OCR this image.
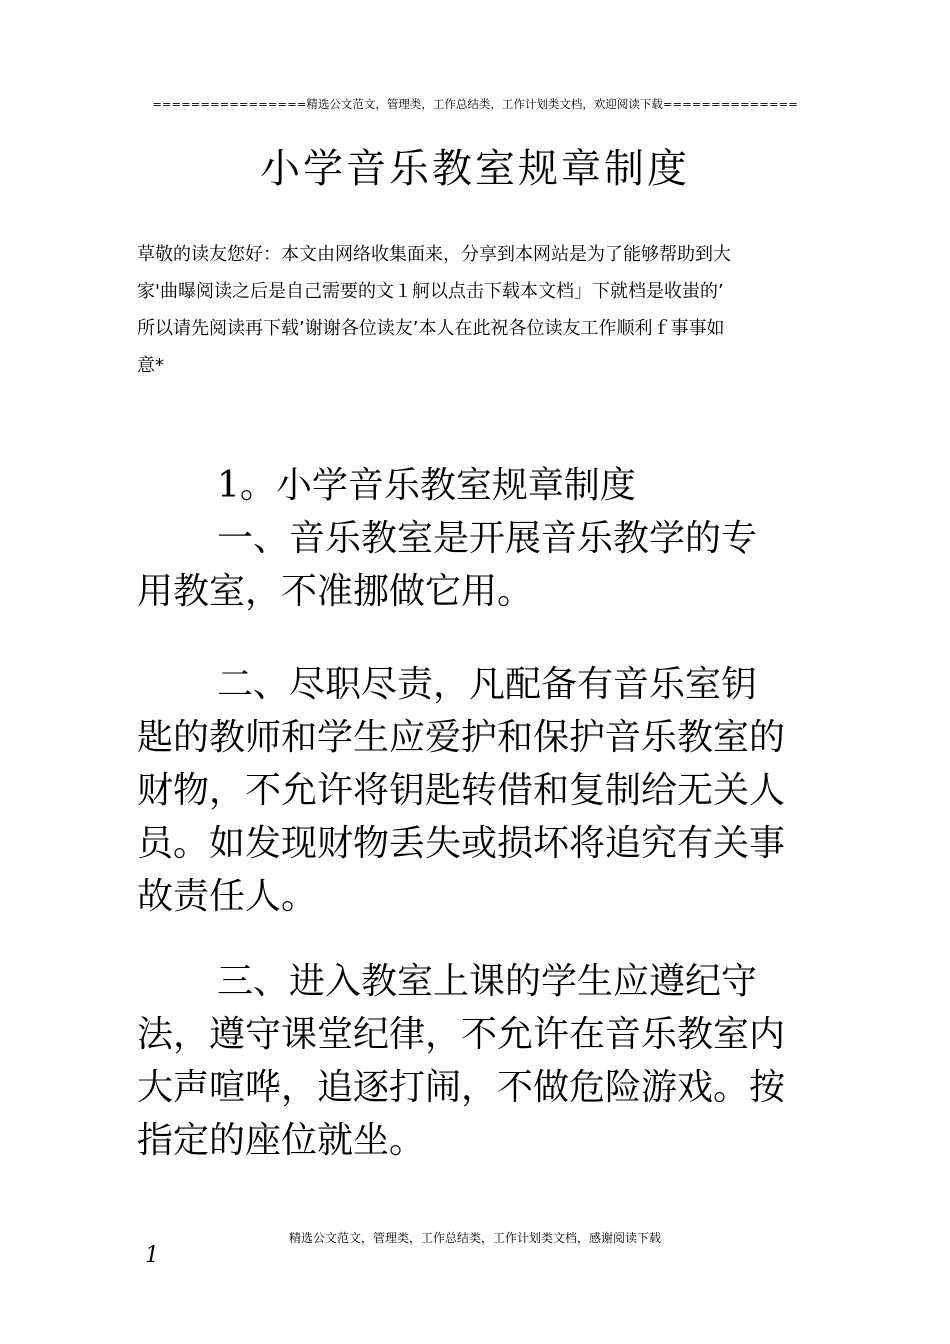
================精选公文范文，管理类，工作总结类，工作计划类文档，欢迎阅读下载==============
小学音乐教室规章制度
草敬的读友您好：本文由网络收集面来，分享到本网站是为了能够帮助到大
家'曲曝阅读之后是自己需要的文１舸以点击下载本文档」下就档是收蚩的’
所以请先阅读再下载’谢谢各位读友’本人在此祝各位读友工作顺利ｆ事事如
意*
1。小学音乐教室规章制度
一、音乐教室是开展音乐教学的专
用教室，不准挪做它用。
二、尽职尽责，凡配备有音乐室钥
匙的教师和学生应爱护和保护音乐教室的
财物，不允许将钥匙转借和复制给无关人
员。如发现财物丢失或损坏将追究有关事
故责任人。
三、进入教室上课的学生应遵纪守
法，遵守课堂纪律，不允许在音乐教室内
大声喧哗，追逐打闹，不做危险游戏。按
指定的座位就坐。
精选公文范文，管理类，工作总结类，工作计划类文档，感谢阅读下载
1
